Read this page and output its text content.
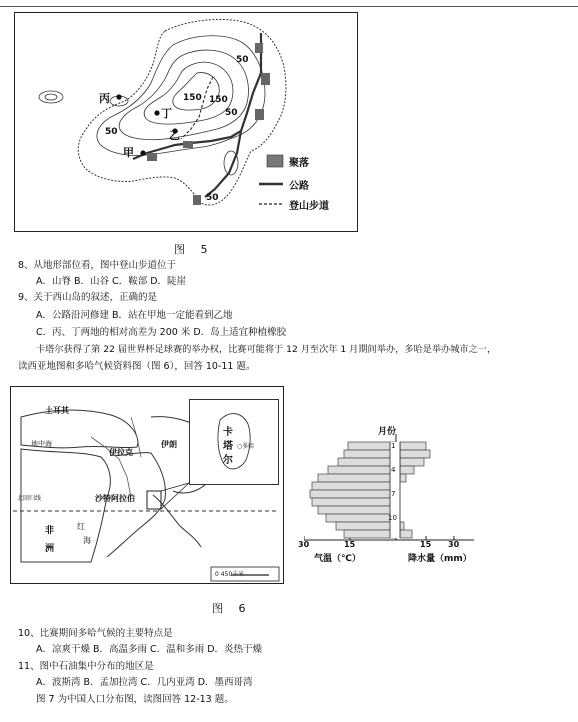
丙
丁
乙
甲
50
150 150
50
50
50
聚落
公路
登山步道
图 5
8、从地形部位看，图中登山步道位于
A．山脊 B．山谷 C．鞍部 D．陡崖
9、关于西山岛的叙述，正确的是
A．公路沿河修建 B．站在甲地一定能看到乙地
C．丙、丁两地的相对高差为 200 米 D．岛上适宜种植橡胶
卡塔尔获得了第 22 届世界杯足球赛的举办权，比赛可能将于 12 月至次年 1 月期间举办，多哈是举办城市之一，
读西亚地图和多哈气候资料图（图 6），回答 10-11 题。
卡
塔
尔
○多哈
土耳其
地中海	伊朗
伊拉克
沙特阿拉伯
北回归线
非
洲
红
海
0 450千米
月份
1
4
7
10
30	15	15 30
气温（℃）	降水量（mm）
图 6
10、比赛期间多哈气候的主要特点是
A．凉爽干燥 B．高温多雨 C．温和多雨 D．炎热干燥
11、图中石油集中分布的地区是
A．波斯湾 B．孟加拉湾 C．几内亚湾 D．墨西哥湾
图 7 为中国人口分布图，读图回答 12-13 题。
